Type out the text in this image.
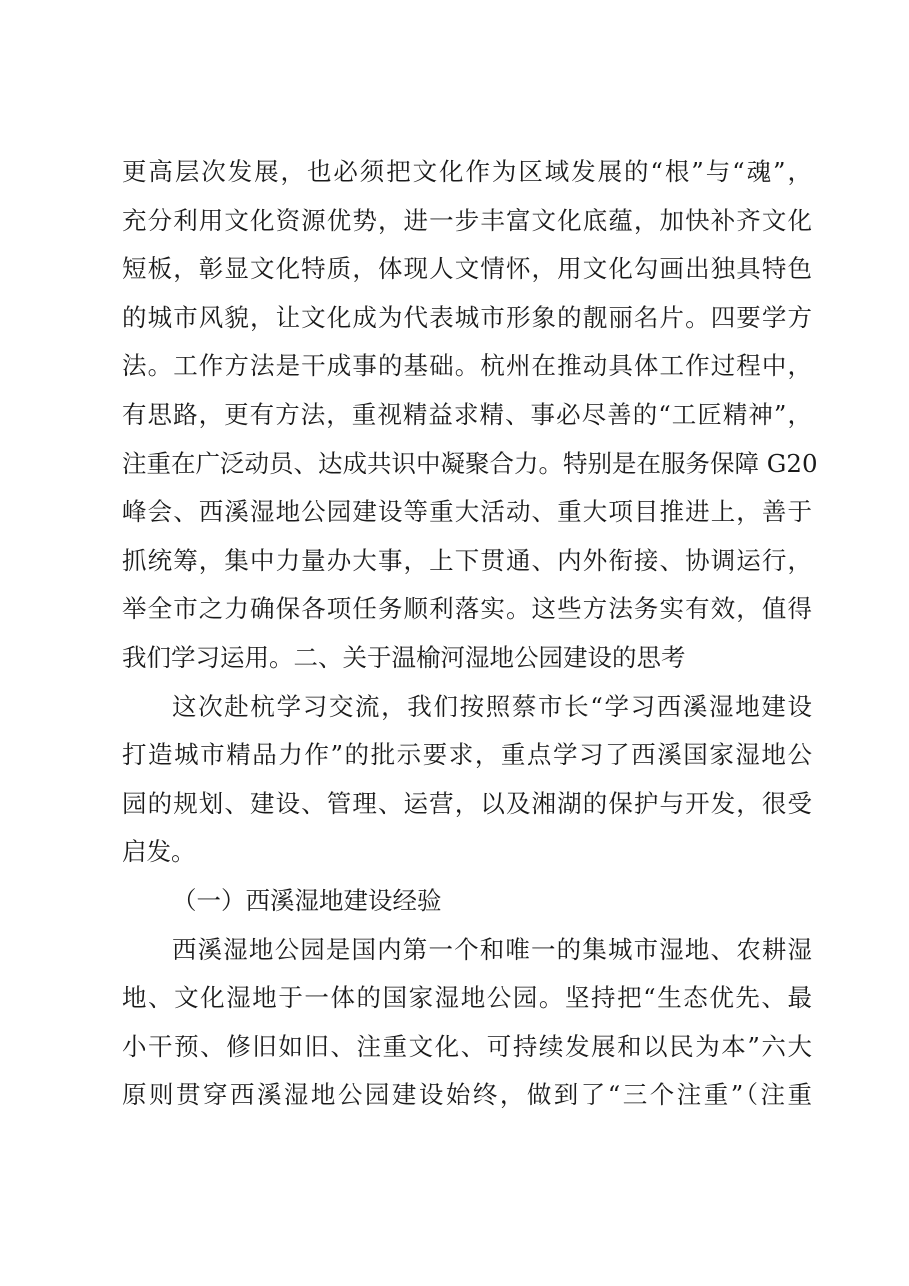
更高层次发展，也必须把文化作为区域发展的“根”与“魂”，
充分利用文化资源优势，进一步丰富文化底蕴，加快补齐文化
短板，彰显文化特质，体现人文情怀，用文化勾画出独具特色
的城市风貌，让文化成为代表城市形象的靓丽名片。四要学方
法。工作方法是干成事的基础。杭州在推动具体工作过程中，
有思路，更有方法，重视精益求精、事必尽善的“工匠精神”，
注重在广泛动员、达成共识中凝聚合力。特别是在服务保障 G20
峰会、西溪湿地公园建设等重大活动、重大项目推进上，善于
抓统筹，集中力量办大事，上下贯通、内外衔接、协调运行，
举全市之力确保各项任务顺利落实。这些方法务实有效，值得
我们学习运用。二、关于温榆河湿地公园建设的思考
这次赴杭学习交流，我们按照蔡市长“学习西溪湿地建设
打造城市精品力作”的批示要求，重点学习了西溪国家湿地公
园的规划、建设、管理、运营，以及湘湖的保护与开发，很受
启发。
（一）西溪湿地建设经验
西溪湿地公园是国内第一个和唯一的集城市湿地、农耕湿
地、文化湿地于一体的国家湿地公园。坚持把“生态优先、最
小干预、修旧如旧、注重文化、可持续发展和以民为本”六大
原则贯穿西溪湿地公园建设始终，做到了“三个注重”（注重
